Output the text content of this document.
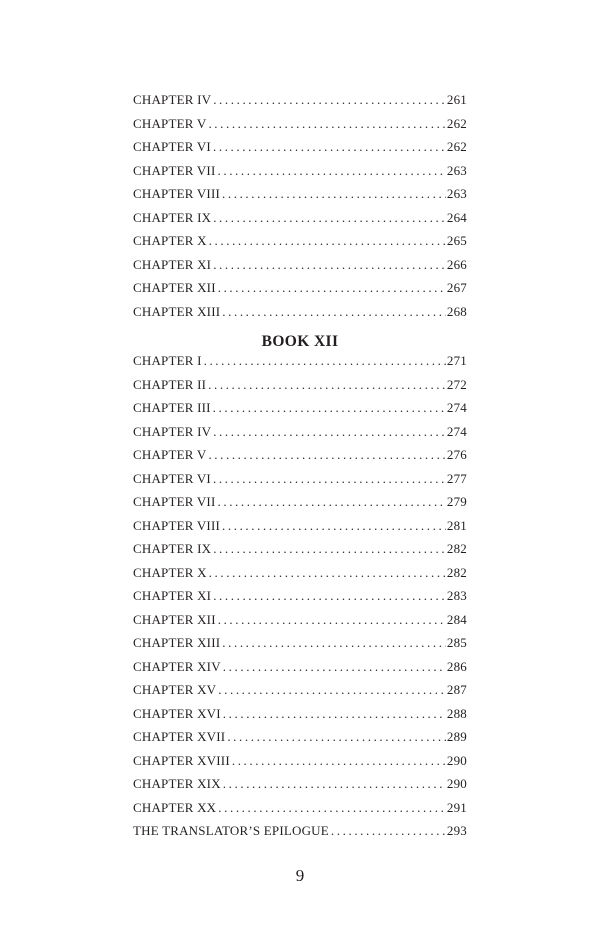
CHAPTER IV .....	261
CHAPTER V .....	262
CHAPTER VI .....	262
CHAPTER VII .....	263
CHAPTER VIII .....	263
CHAPTER IX .....	264
CHAPTER X .....	265
CHAPTER XI .....	266
CHAPTER XII .....	267
CHAPTER XIII .....	268
BOOK XII
CHAPTER I .....	271
CHAPTER II .....	272
CHAPTER III .....	274
CHAPTER IV .....	274
CHAPTER V .....	276
CHAPTER VI .....	277
CHAPTER VII .....	279
CHAPTER VIII .....	281
CHAPTER IX .....	282
CHAPTER X .....	282
CHAPTER XI .....	283
CHAPTER XII .....	284
CHAPTER XIII .....	285
CHAPTER XIV .....	286
CHAPTER XV .....	287
CHAPTER XVI .....	288
CHAPTER XVII .....	289
CHAPTER XVIII .....	290
CHAPTER XIX .....	290
CHAPTER XX .....	291
THE TRANSLATOR’S EPILOGUE .....	293
9
